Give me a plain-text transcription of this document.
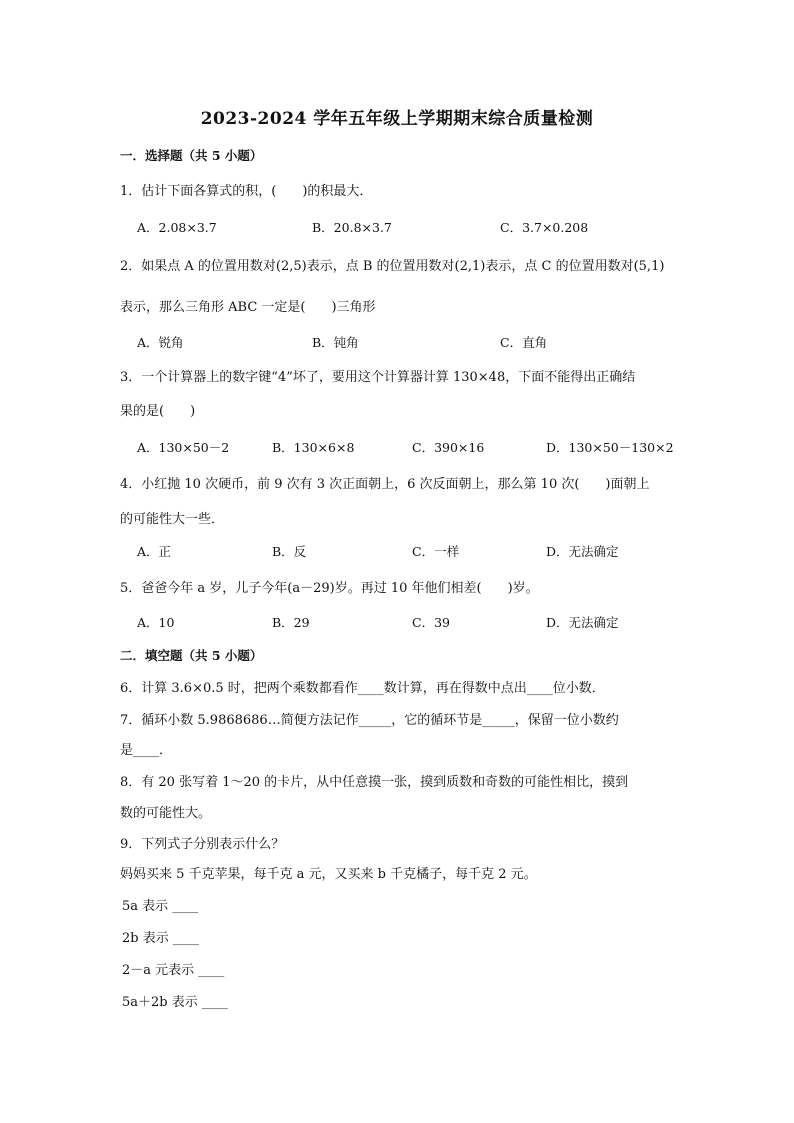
2023-2024 学年五年级上学期期末综合质量检测
一．选择题（共 5 小题）
1．估计下面各算式的积，(　　)的积最大．
A．2.08×3.7	B．20.8×3.7	C．3.7×0.208
2．如果点 A 的位置用数对(2,5)表示，点 B 的位置用数对(2,1)表示，点 C 的位置用数对(5,1)
表示，那么三角形 ABC 一定是(　　)三角形
A．锐角	B．钝角	C．直角
3．一个计算器上的数字键“4”坏了，要用这个计算器计算 130×48，下面不能得出正确结
果的是(　　)
A．130×50－2	B．130×6×8	C．390×16	D．130×50－130×2
4．小红抛 10 次硬币，前 9 次有 3 次正面朝上，6 次反面朝上，那么第 10 次(　　)面朝上
的可能性大一些．
A．正	B．反	C．一样	D．无法确定
5．爸爸今年 a 岁，儿子今年(a－29)岁。再过 10 年他们相差(　　)岁。
A．10	B．29	C．39	D．无法确定
二．填空题（共 5 小题）
6．计算 3.6×0.5 时，把两个乘数都看作____数计算，再在得数中点出____位小数．
7．循环小数 5.9868686…简便方法记作_____，它的循环节是_____，保留一位小数约
是____．
8．有 20 张写着 1～20 的卡片，从中任意摸一张，摸到质数和奇数的可能性相比，摸到
数的可能性大。
9．下列式子分别表示什么？
妈妈买来 5 千克苹果，每千克 a 元，又买来 b 千克橘子，每千克 2 元。
5a 表示 ____
2b 表示 ____
2－a 元表示 ____
5a＋2b 表示 ____
